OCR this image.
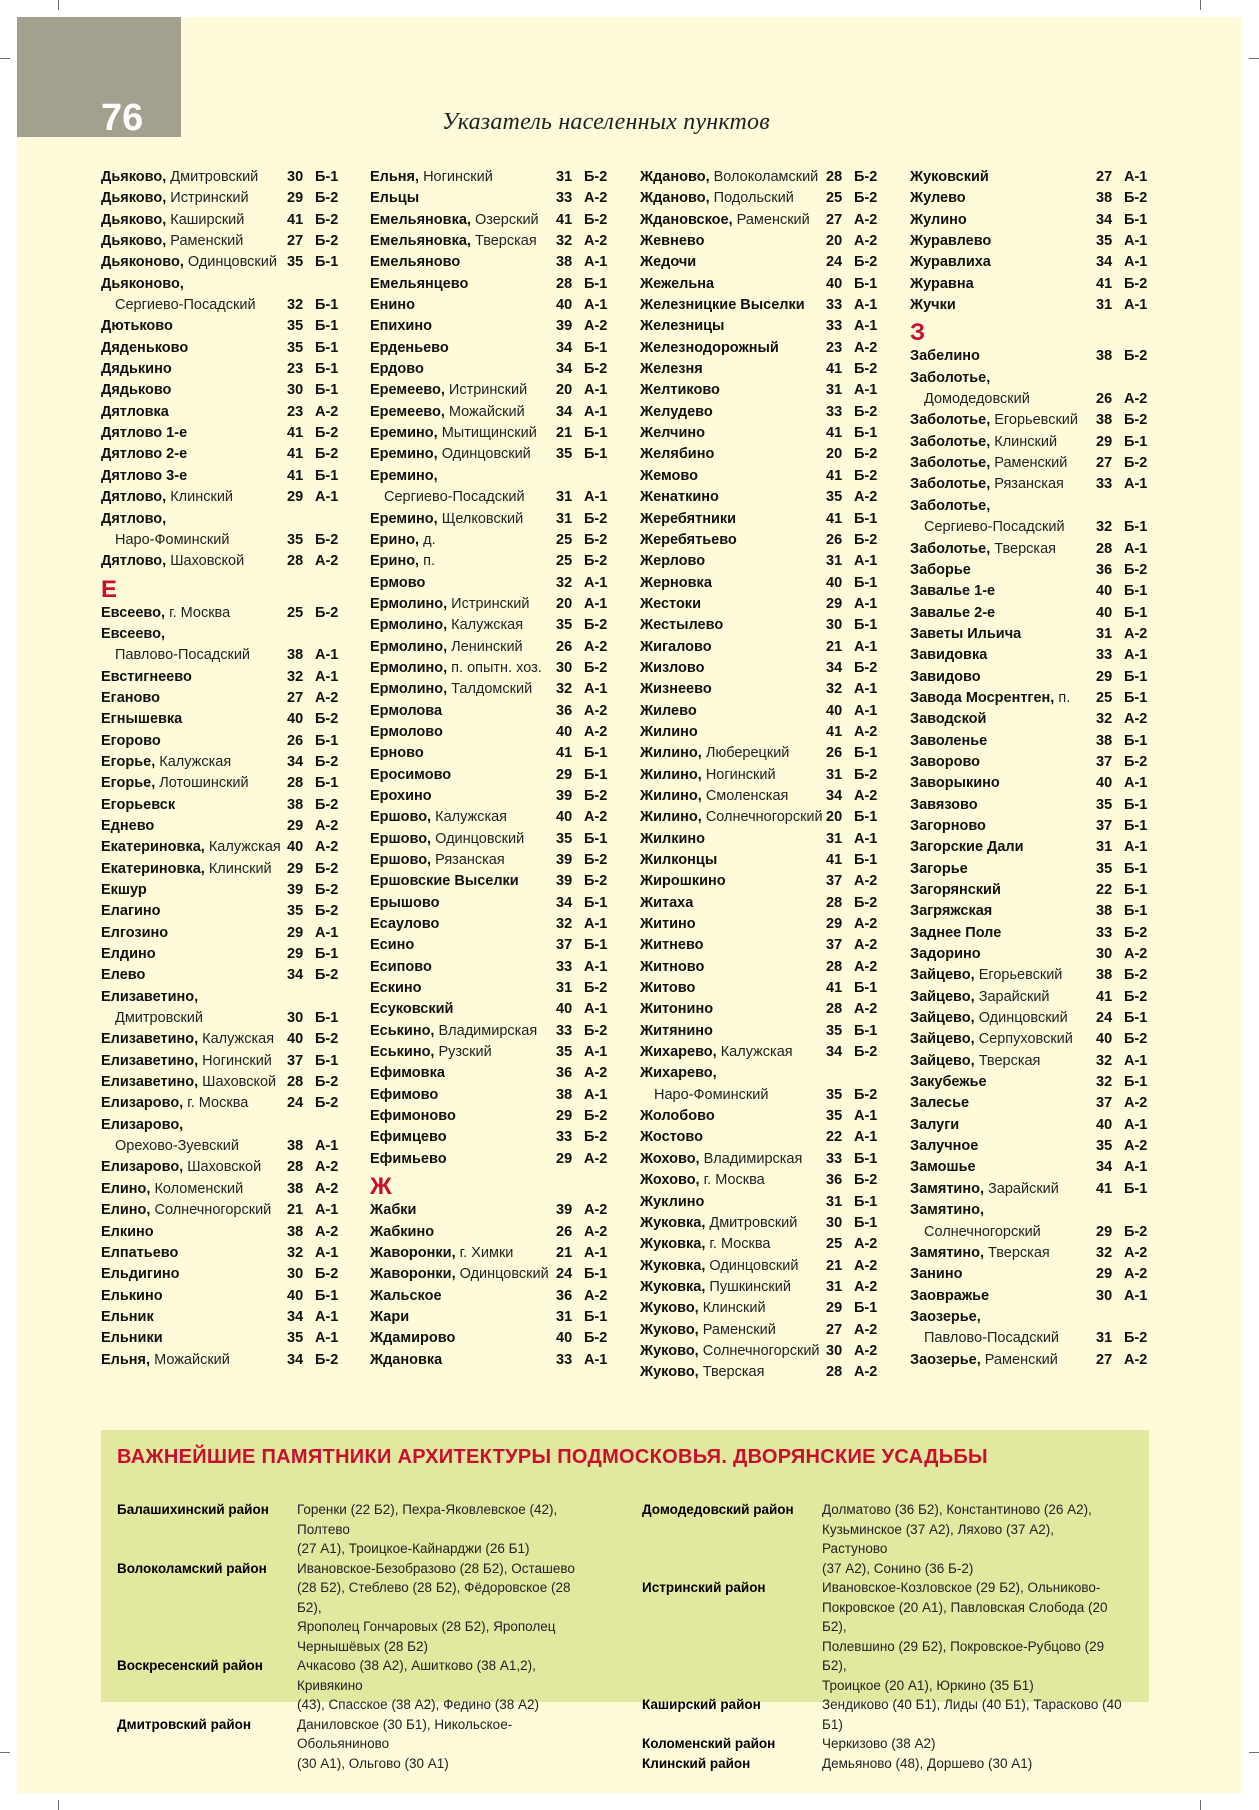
76	Указатель населенных пунктов
Дьяково, Дмитровский 30 Б-1
Дьяково, Истринский	29 Б-2
Дьяково, Каширский	41 Б-2
Дьяково, Раменский	27 Б-2
Дьяконово, Одинцовский 35 Б-1
Дьяконово,
Сергиево-Посадский 32 Б-1
Дютьково	35 Б-1
Дяденьково	35 Б-1
Дядькино	23 Б-1
Дядьково	30 Б-1
Дятловка	23 А-2
Дятлово 1-е	41 Б-2
Дятлово 2-е	41 Б-2
Дятлово 3-е	41 Б-1
Дятлово, Клинский	29 А-1
Дятлово,
Наро-Фоминский	35 Б-2
Дятлово, Шаховской	28 А-2
Е
Евсеево, г. Москва	25 Б-2
Евсеево,
Павлово-Посадский	38 А-1
Евстигнеево	32 А-1
Еганово	27 А-2
Егнышевка	40 Б-2
Егорово	26 Б-1
Егорье, Калужская	34 Б-2
Егорье, Лотошинский	28 Б-1
Егорьевск	38 Б-2
Еднево	29 А-2
Екатериновка, Калужская 40 А-2
Екатериновка, Клинский 29 Б-2
Екшур	39 Б-2
Елагино	35 Б-2
Елгозино	29 А-1
Елдино	29 Б-1
Елево	34 Б-2
Елизаветино,
Дмитровский	30 Б-1
Елизаветино, Калужская 40 Б-2
Елизаветино, Ногинский 37 Б-1
Елизаветино, Шаховской 28 Б-2
Елизарово, г. Москва	24 Б-2
Елизарово,
Орехово-Зуевский	38 А-1
Елизарово, Шаховской 28 А-2
Елино, Коломенский	38 А-2
Елино, Солнечногорский 21 А-1
Елкино	38 А-2
Елпатьево	32 А-1
Ельдигино	30 Б-2
Елькино	40 Б-1
Ельник	34 А-1
Ельники	35 А-1
Ельня, Можайский	34 Б-2
Ельня, Ногинский	31 Б-2
Ельцы	33 А-2
Емельяновка, Озерский 41 Б-2
Емельяновка, Тверская 32 А-2
Емельяново	38 А-1
Емельянцево	28 Б-1
Енино	40 А-1
Епихино	39 А-2
Ерденьево	34 Б-1
Ердово	34 Б-2
Еремеево, Истринский 20 А-1
Еремеево, Можайский 34 А-1
Еремино, Мытищинский 21 Б-1
Еремино, Одинцовский 35 Б-1
Еремино,
Сергиево-Посадский 31 А-1
Еремино, Щелковский 31 Б-2
Ерино, д.	25 Б-2
Ерино, п.	25 Б-2
Ермово	32 А-1
Ермолино, Истринский 20 А-1
Ермолино, Калужская 35 Б-2
Ермолино, Ленинский 26 А-2
Ермолино, п. опытн. хоз. 30 Б-2
Ермолино, Талдомский 32 А-1
Ермолова	36 А-2
Ермолово	40 А-2
Ерново	41 Б-1
Еросимово	29 Б-1
Ерохино	39 Б-2
Ершово, Калужская	40 А-2
Ершово, Одинцовский 35 Б-1
Ершово, Рязанская	39 Б-2
Ершовские Выселки	39 Б-2
Ерышово	34 Б-1
Есаулово	32 А-1
Есино	37 Б-1
Есипово	33 А-1
Ескино	31 Б-2
Есуковский	40 А-1
Еськино, Владимирская 33 Б-2
Еськино, Рузский	35 А-1
Ефимовка	36 А-2
Ефимово	38 А-1
Ефимоново	29 Б-2
Ефимцево	33 Б-2
Ефимьево	29 А-2
Ж
Жабки	39 А-2
Жабкино	26 А-2
Жаворонки, г. Химки	21 А-1
Жаворонки, Одинцовский 24 Б-1
Жальское	36 А-2
Жари	31 Б-1
Ждамирово	40 Б-2
Ждановка	33 А-1
Жданово, Волоколамский 28 Б-2
Жданово, Подольский 25 Б-2
Ждановское, Раменский 27 А-2
Жевнево	20 А-2
Жедочи	24 Б-2
Жежельна	40 Б-1
Железницкие Выселки 33 А-1
Железницы	33 А-1
Железнодорожный	23 А-2
Железня	41 Б-2
Желтиково	31 А-1
Желудево	33 Б-2
Желчино	41 Б-1
Желябино	20 Б-2
Жемово	41 Б-2
Женаткино	35 А-2
Жеребятники	41 Б-1
Жеребятьево	26 Б-2
Жерлово	31 А-1
Жерновка	40 Б-1
Жестоки	29 А-1
Жестылево	30 Б-1
Жигалово	21 А-1
Жизлово	34 Б-2
Жизнеево	32 А-1
Жилево	40 А-1
Жилино	41 А-2
Жилино, Люберецкий	26 Б-1
Жилино, Ногинский	31 Б-2
Жилино, Смоленская	34 А-2
Жилино, Солнечногорский 20 Б-1
Жилкино	31 А-1
Жилконцы	41 Б-1
Жирошкино	37 А-2
Житаха	28 Б-2
Житино	29 А-2
Житнево	37 А-2
Житново	28 А-2
Житово	41 Б-1
Житонино	28 А-2
Житянино	35 Б-1
Жихарево, Калужская 34 Б-2
Жихарево,
Наро-Фоминский	35 Б-2
Жолобово	35 А-1
Жостово	22 А-1
Жохово, Владимирская 33 Б-1
Жохово, г. Москва	36 Б-2
Жуклино	31 Б-1
Жуковка, Дмитровский 30 Б-1
Жуковка, г. Москва	25 А-2
Жуковка, Одинцовский 21 А-2
Жуковка, Пушкинский 31 А-2
Жуково, Клинский	29 Б-1
Жуково, Раменский	27 А-2
Жуково, Солнечногорский 30 А-2
Жуково, Тверская	28 А-2
Жуковский	27 А-1
Жулево	38 Б-2
Жулино	34 Б-1
Журавлево	35 А-1
Журавлиха	34 А-1
Журавна	41 Б-2
Жучки	31 А-1
З
Забелино	38 Б-2
Заболотье,
Домодедовский	26 А-2
Заболотье, Егорьевский 38 Б-2
Заболотье, Клинский	29 Б-1
Заболотье, Раменский 27 Б-2
Заболотье, Рязанская 33 А-1
Заболотье,
Сергиево-Посадский 32 Б-1
Заболотье, Тверская	28 А-1
Заборье	36 Б-2
Завалье 1-е	40 Б-1
Завалье 2-е	40 Б-1
Заветы Ильича	31 А-2
Завидовка	33 А-1
Завидово	29 Б-1
Завода Мосрентген, п. 25 Б-1
Заводской	32 А-2
Заволенье	38 Б-1
Заворово	37 Б-2
Заворыкино	40 А-1
Завязово	35 Б-1
Загорново	37 Б-1
Загорские Дали	31 А-1
Загорье	35 Б-1
Загорянский	22 Б-1
Загряжская	38 Б-1
Заднее Поле	33 Б-2
Задорино	30 А-2
Зайцево, Егорьевский 38 Б-2
Зайцево, Зарайский	41 Б-2
Зайцево, Одинцовский 24 Б-1
Зайцево, Серпуховский 40 Б-2
Зайцево, Тверская	32 А-1
Закубежье	32 Б-1
Залесье	37 А-2
Залуги	40 А-1
Залучное	35 А-2
Замошье	34 А-1
Замятино, Зарайский	41 Б-1
Замятино,
Солнечногорский	29 Б-2
Замятино, Тверская	32 А-2
Занино	29 А-2
Заовражье	30 А-1
Заозерье,
Павлово-Посадский	31 Б-2
Заозерье, Раменский	27 А-2
ВАЖНЕЙШИЕ ПАМЯТНИКИ АРХИТЕКТУРЫ ПОДМОСКОВЬЯ. ДВОРЯНСКИЕ УСАДЬБЫ
Балашихинский район	Горенки (22 Б2), Пехра-Яковлевское (42), Полтево
(27 А1), Троицкое-Кайнарджи (26 Б1)
Волоколамский район	Ивановское-Безобразово (28 Б2), Осташево
(28 Б2), Стеблево (28 Б2), Фёдоровское (28 Б2),
Ярополец Гончаровых (28 Б2), Ярополец
Чернышёвых (28 Б2)
Воскресенский район	Ачкасово (38 А2), Ашитково (38 А1,2), Кривякино
(43), Спасское (38 А2), Федино (38 А2)
Дмитровский район	Даниловское (30 Б1), Никольское-Обольяниново
(30 А1), Ольгово (30 А1)
Домодедовский район	Долматово (36 Б2), Константиново (26 А2),
Кузьминское (37 А2), Ляхово (37 А2), Растуново
(37 А2), Сонино (36 Б-2)
Истринский район	Ивановское-Козловское (29 Б2), Ольниково-
Покровское (20 А1), Павловская Слобода (20 Б2),
Полевшино (29 Б2), Покровское-Рубцово (29 Б2),
Троицкое (20 А1), Юркино (35 Б1)
Каширский район	Зендиково (40 Б1), Лиды (40 Б1), Тарасково (40 Б1)
Коломенский район	Черкизово (38 А2)
Клинский район	Демьяново (48), Доршево (30 А1)
